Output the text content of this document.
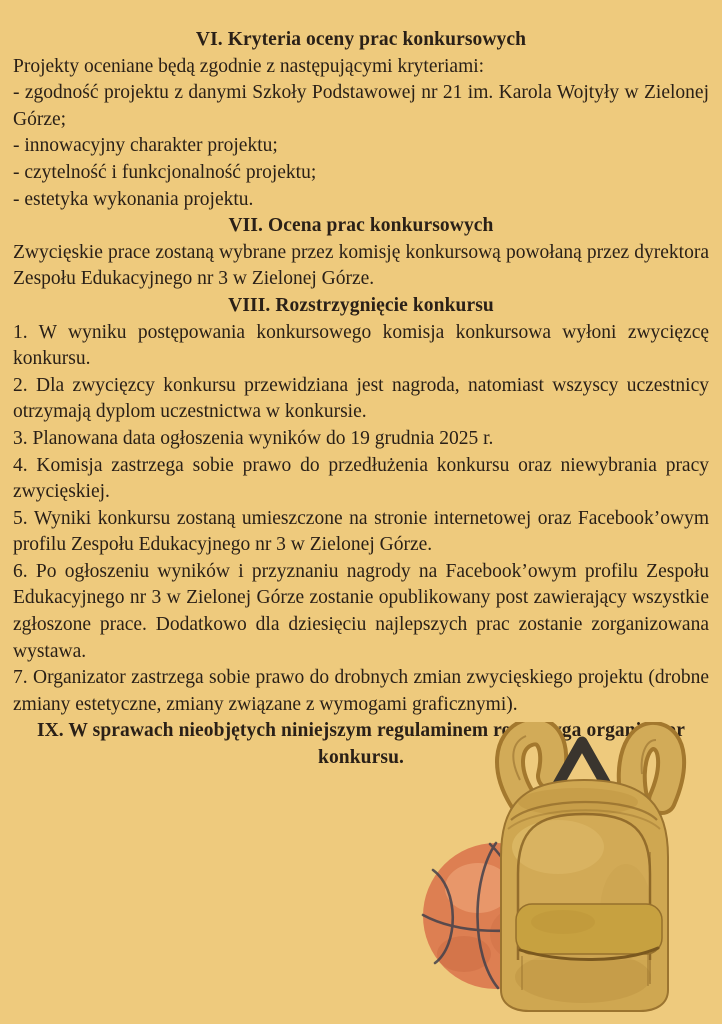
VI. Kryteria oceny prac konkursowych

Projekty oceniane będą zgodnie z następującymi kryteriami:

- zgodność projektu z danymi Szkoły Podstawowej nr 21 im. Karola Wojtyły w Zielonej Górze;

- innowacyjny charakter projektu;

- czytelność i funkcjonalność projektu;

- estetyka wykonania projektu.

VII. Ocena prac konkursowych

Zwycięskie prace zostaną wybrane przez komisję konkursową powołaną przez dyrektora Zespołu Edukacyjnego nr 3 w Zielonej Górze.

VIII. Rozstrzygnięcie konkursu

1. W wyniku postępowania konkursowego komisja konkursowa wyłoni zwycięzcę konkursu.

2. Dla zwycięzcy konkursu przewidziana jest nagroda, natomiast wszyscy uczestnicy otrzymają dyplom uczestnictwa w konkursie.

3. Planowana data ogłoszenia wyników do 19 grudnia 2025 r.

4. Komisja zastrzega sobie prawo do przedłużenia konkursu oraz niewybrania pracy zwycięskiej.

5. Wyniki konkursu zostaną umieszczone na stronie internetowej oraz Facebook’owym profilu Zespołu Edukacyjnego nr 3 w Zielonej Górze.

6. Po ogłoszeniu wyników i przyznaniu nagrody na Facebook’owym profilu Zespołu Edukacyjnego nr 3 w Zielonej Górze zostanie opublikowany post zawierający wszystkie zgłoszone prace. Dodatkowo dla dziesięciu najlepszych prac zostanie zorganizowana wystawa.

7. Organizator zastrzega sobie prawo do drobnych zmian zwycięskiego projektu (drobne zmiany estetyczne, zmiany związane z wymogami graficznymi).

IX. W sprawach nieobjętych niniejszym regulaminem rozstrzyga organizator konkursu.
